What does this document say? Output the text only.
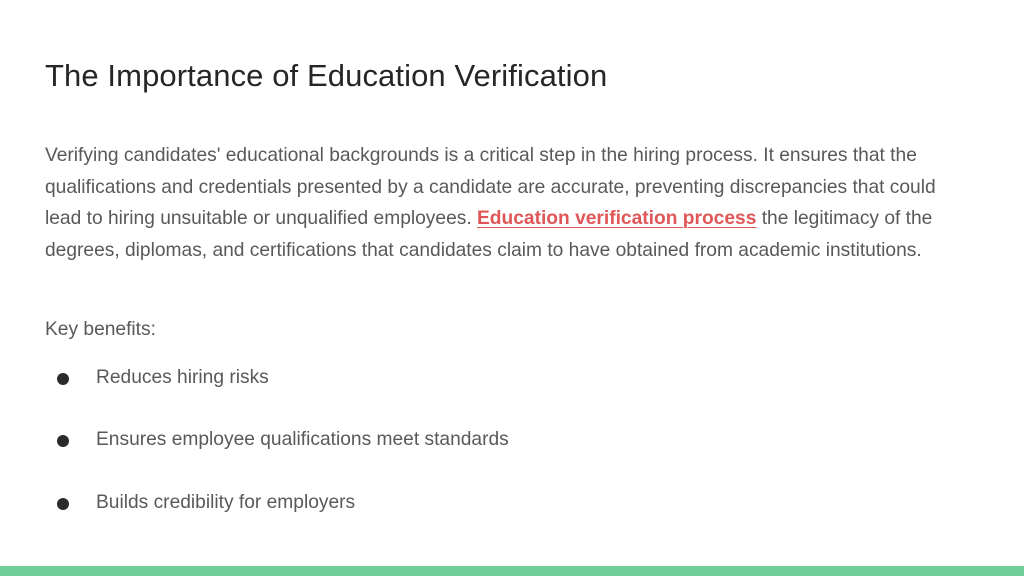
The Importance of Education Verification

Verifying candidates' educational backgrounds is a critical step in the hiring process. It ensures that the qualifications and credentials presented by a candidate are accurate, preventing discrepancies that could lead to hiring unsuitable or unqualified employees. Education verification process the legitimacy of the degrees, diplomas, and certifications that candidates claim to have obtained from academic institutions.

Key benefits:

Reduces hiring risks
Ensures employee qualifications meet standards
Builds credibility for employers
